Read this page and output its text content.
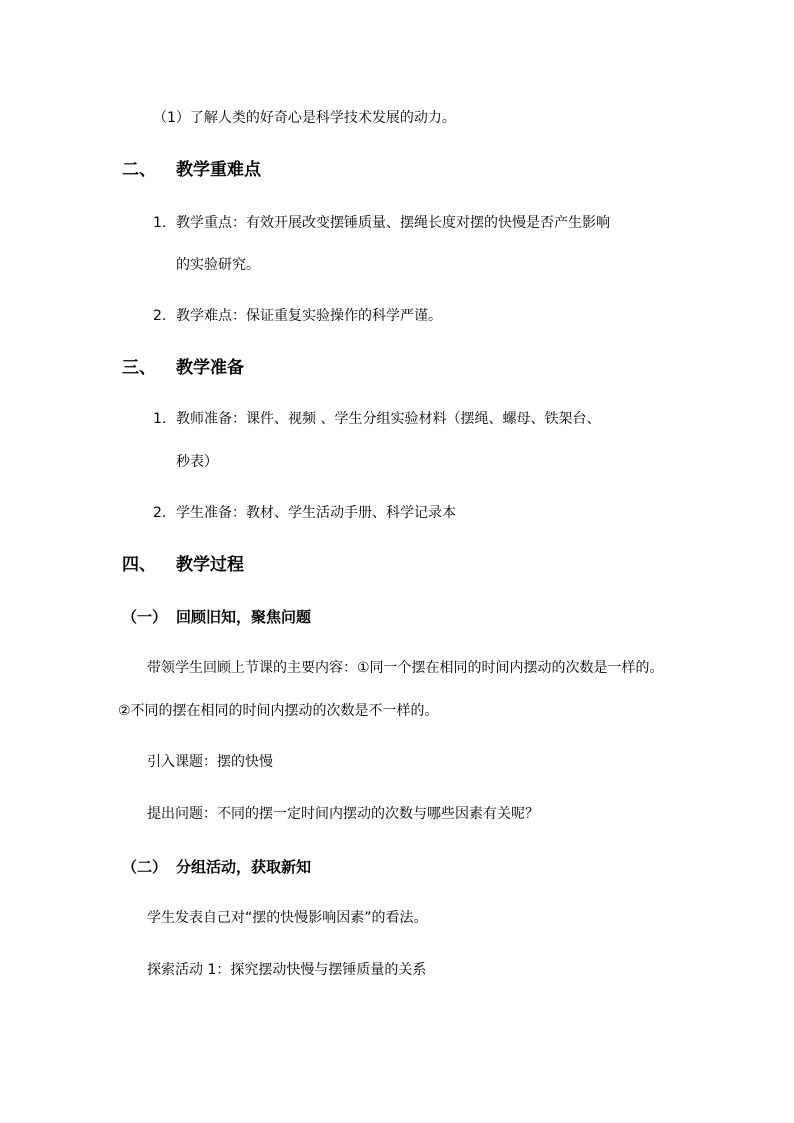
（1）了解人类的好奇心是科学技术发展的动力。
二、 教学重难点
1. 教学重点：有效开展改变摆锤质量、摆绳长度对摆的快慢是否产生影响
的实验研究。
2. 教学难点：保证重复实验操作的科学严谨。
三、 教学准备
1. 教师准备：课件、视频 、学生分组实验材料（摆绳、螺母、铁架台、
秒表）
2. 学生准备：教材、学生活动手册、科学记录本
四、 教学过程
（一） 回顾旧知，聚焦问题
带领学生回顾上节课的主要内容：①同一个摆在相同的时间内摆动的次数是一样的。
②不同的摆在相同的时间内摆动的次数是不一样的。
引入课题：摆的快慢
提出问题：不同的摆一定时间内摆动的次数与哪些因素有关呢？
（二） 分组活动，获取新知
学生发表自己对“摆的快慢影响因素”的看法。
探索活动 1：探究摆动快慢与摆锤质量的关系
